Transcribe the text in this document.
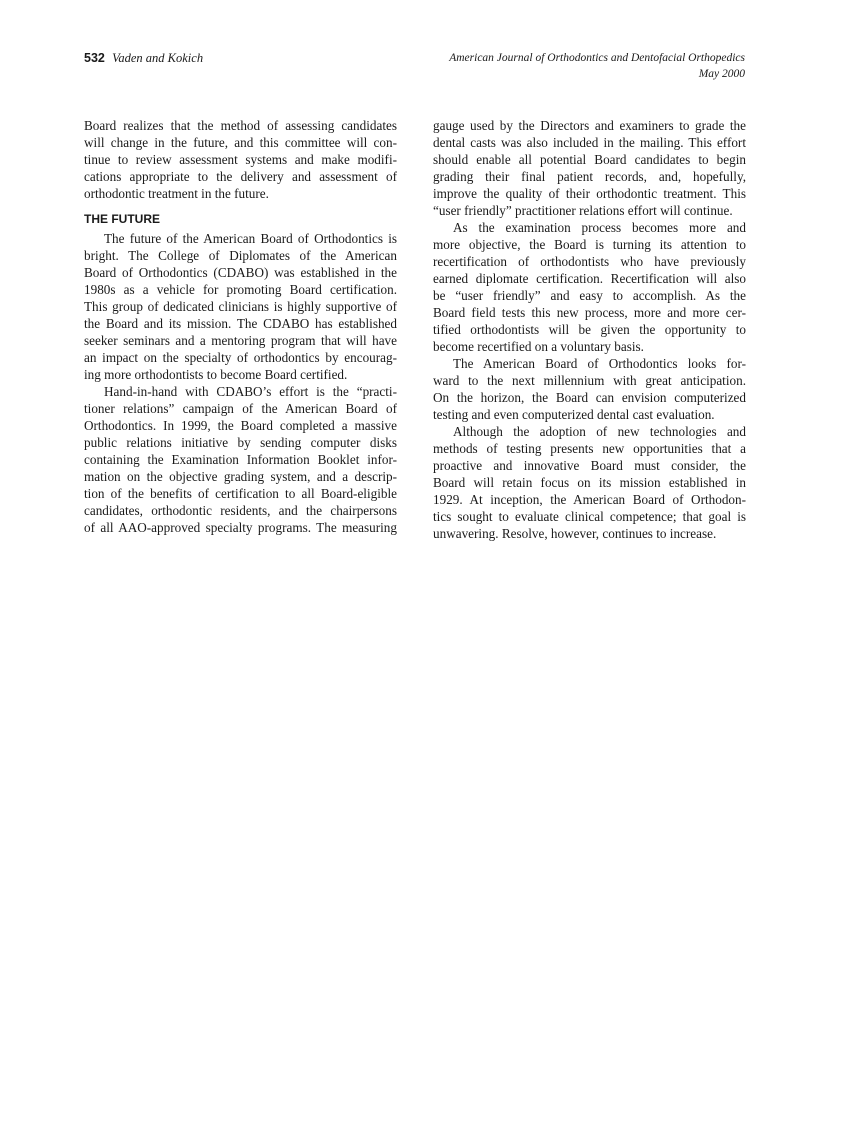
532 Vaden and Kokich	American Journal of Orthodontics and Dentofacial Orthopedics
May 2000
Board realizes that the method of assessing candidates
will change in the future, and this committee will con-
tinue to review assessment systems and make modifi-
cations appropriate to the delivery and assessment of
orthodontic treatment in the future.
THE FUTURE
The future of the American Board of Orthodontics is
bright. The College of Diplomates of the American
Board of Orthodontics (CDABO) was established in the
1980s as a vehicle for promoting Board certification.
This group of dedicated clinicians is highly supportive of
the Board and its mission. The CDABO has established
seeker seminars and a mentoring program that will have
an impact on the specialty of orthodontics by encourag-
ing more orthodontists to become Board certified.
Hand-in-hand with CDABO’s effort is the “practi-
tioner relations” campaign of the American Board of
Orthodontics. In 1999, the Board completed a massive
public relations initiative by sending computer disks
containing the Examination Information Booklet infor-
mation on the objective grading system, and a descrip-
tion of the benefits of certification to all Board-eligible
candidates, orthodontic residents, and the chairpersons
of all AAO-approved specialty programs. The measuring
gauge used by the Directors and examiners to grade the
dental casts was also included in the mailing. This effort
should enable all potential Board candidates to begin
grading their final patient records, and, hopefully,
improve the quality of their orthodontic treatment. This
“user friendly” practitioner relations effort will continue.
As the examination process becomes more and
more objective, the Board is turning its attention to
recertification of orthodontists who have previously
earned diplomate certification. Recertification will also
be “user friendly” and easy to accomplish. As the
Board field tests this new process, more and more cer-
tified orthodontists will be given the opportunity to
become recertified on a voluntary basis.
The American Board of Orthodontics looks for-
ward to the next millennium with great anticipation.
On the horizon, the Board can envision computerized
testing and even computerized dental cast evaluation.
Although the adoption of new technologies and
methods of testing presents new opportunities that a
proactive and innovative Board must consider, the
Board will retain focus on its mission established in
1929. At inception, the American Board of Orthodon-
tics sought to evaluate clinical competence; that goal is
unwavering. Resolve, however, continues to increase.
